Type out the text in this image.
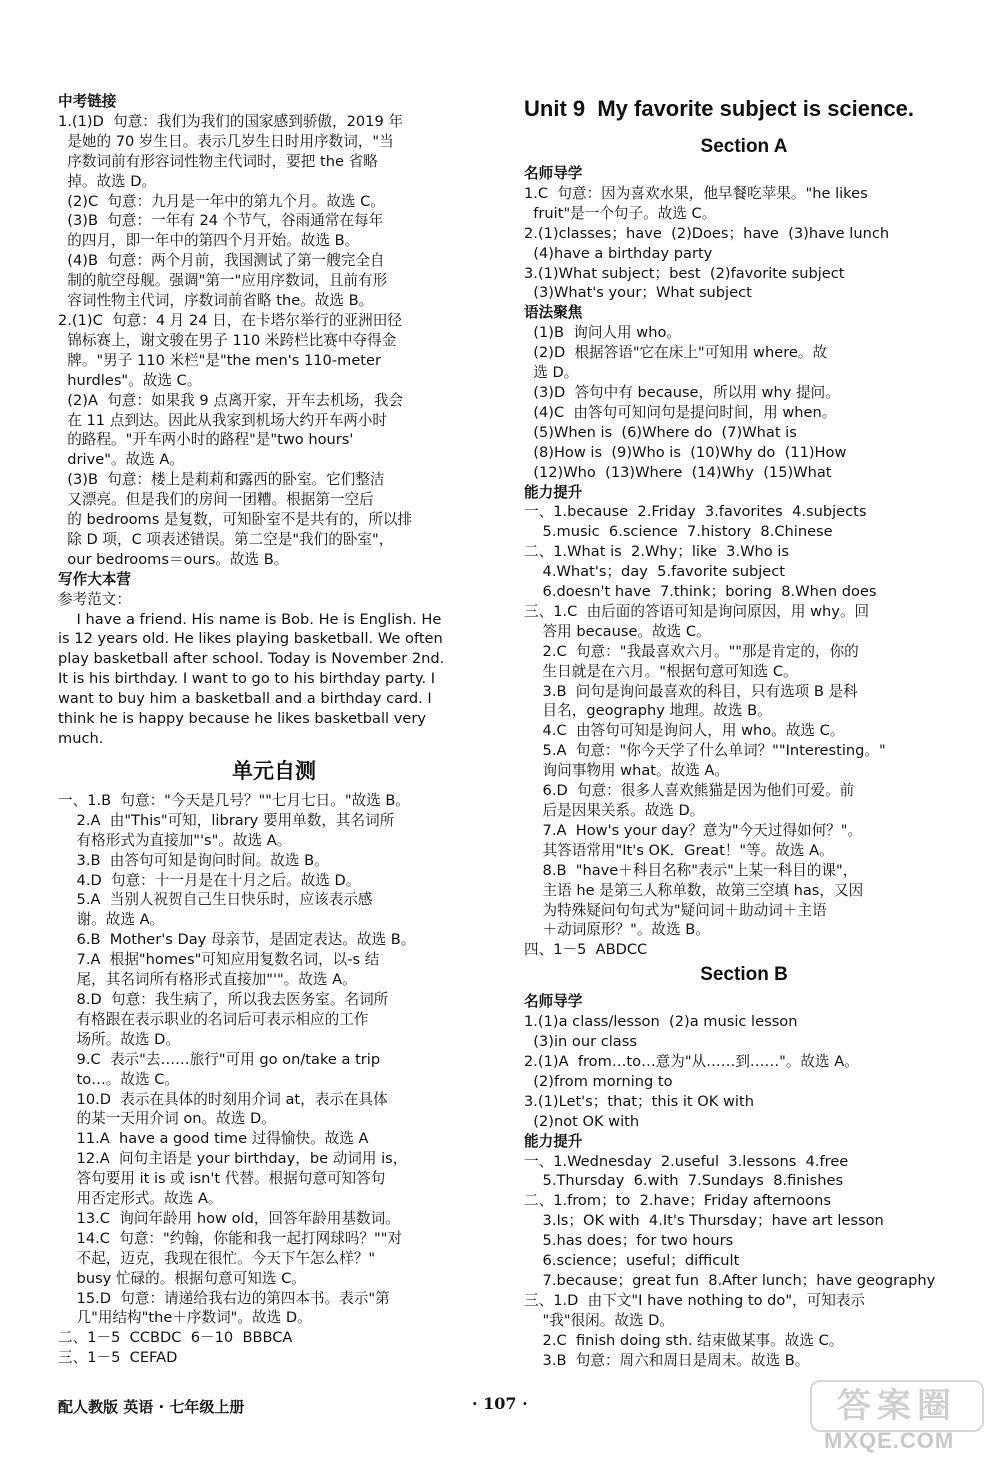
中考链接
1.(1)D  句意：我们为我们的国家感到骄傲，2019 年
是她的 70 岁生日。表示几岁生日时用序数词，"当
序数词前有形容词性物主代词时，要把 the 省略
掉。故选 D。
(2)C  句意：九月是一年中的第九个月。故选 C。
(3)B  句意：一年有 24 个节气，谷雨通常在每年
的四月，即一年中的第四个月开始。故选 B。
(4)B  句意：两个月前，我国测试了第一艘完全自
制的航空母舰。强调"第一"应用序数词，且前有形
容词性物主代词，序数词前省略 the。故选 B。
2.(1)C  句意：4 月 24 日，在卡塔尔举行的亚洲田径
锦标赛上，谢文骏在男子 110 米跨栏比赛中夺得金
牌。"男子 110 米栏"是"the men's 110-meter
hurdles"。故选 C。
(2)A  句意：如果我 9 点离开家，开车去机场，我会
在 11 点到达。因此从我家到机场大约开车两小时
的路程。"开车两小时的路程"是"two hours'
drive"。故选 A。
(3)B  句意：楼上是莉莉和露西的卧室。它们整洁
又漂亮。但是我们的房间一团糟。根据第一空后
的 bedrooms 是复数，可知卧室不是共有的，所以排
除 D 项，C 项表述错误。第二空是"我们的卧室"，
our bedrooms＝ours。故选 B。
写作大本营
参考范文：
I have a friend. His name is Bob. He is English. He
is 12 years old. He likes playing basketball. We often
play basketball after school. Today is November 2nd.
It is his birthday. I want to go to his birthday party. I
want to buy him a basketball and a birthday card. I
think he is happy because he likes basketball very
much.
单元自测
一、1.B  句意："今天是几号？""七月七日。"故选 B。
2.A  由"This"可知，library 要用单数，其名词所
有格形式为直接加"'s"。故选 A。
3.B  由答句可知是询问时间。故选 B。
4.D  句意：十一月是在十月之后。故选 D。
5.A  当别人祝贺自己生日快乐时，应该表示感
谢。故选 A。
6.B  Mother's Day 母亲节，是固定表达。故选 B。
7.A  根据"homes"可知应用复数名词，以-s 结
尾，其名词所有格形式直接加"'"。故选 A。
8.D  句意：我生病了，所以我去医务室。名词所
有格跟在表示职业的名词后可表示相应的工作
场所。故选 D。
9.C  表示"去……旅行"可用 go on/take a trip
to…。故选 C。
10.D  表示在具体的时刻用介词 at，表示在具体
的某一天用介词 on。故选 D。
11.A  have a good time 过得愉快。故选 A
12.A  问句主语是 your birthday，be 动词用 is，
答句要用 it is 或 isn't 代替。根据句意可知答句
用否定形式。故选 A。
13.C  询问年龄用 how old，回答年龄用基数词。
14.C  句意："约翰，你能和我一起打网球吗？""对
不起，迈克，我现在很忙。今天下午怎么样？"
busy 忙碌的。根据句意可知选 C。
15.D  句意：请递给我右边的第四本书。表示"第
几"用结构"the＋序数词"。故选 D。
二、1－5  CCBDC  6－10  BBBCA
三、1－5  CEFAD
Unit 9  My favorite subject is science.
Section A
名师导学
1.C  句意：因为喜欢水果，他早餐吃苹果。"he likes
fruit"是一个句子。故选 C。
2.(1)classes；have  (2)Does；have  (3)have lunch
(4)have a birthday party
3.(1)What subject；best  (2)favorite subject
(3)What's your；What subject
语法聚焦
(1)B  询问人用 who。
(2)D  根据答语"它在床上"可知用 where。故
选 D。
(3)D  答句中有 because，所以用 why 提问。
(4)C  由答句可知问句是提问时间，用 when。
(5)When is  (6)Where do  (7)What is
(8)How is  (9)Who is  (10)Why do  (11)How
(12)Who  (13)Where  (14)Why  (15)What
能力提升
一、1.because  2.Friday  3.favorites  4.subjects
5.music  6.science  7.history  8.Chinese
二、1.What is  2.Why；like  3.Who is
4.What's；day  5.favorite subject
6.doesn't have  7.think；boring  8.When does
三、1.C  由后面的答语可知是询问原因，用 why。回
答用 because。故选 C。
2.C  句意："我最喜欢六月。""那是肯定的，你的
生日就是在六月。"根据句意可知选 C。
3.B  问句是询问最喜欢的科目，只有选项 B 是科
目名，geography 地理。故选 B。
4.C  由答句可知是询问人，用 who。故选 C。
5.A  句意："你今天学了什么单词？""Interesting。"
询问事物用 what。故选 A。
6.D  句意：很多人喜欢熊猫是因为他们可爱。前
后是因果关系。故选 D。
7.A  How's your day？意为"今天过得如何？"。
其答语常用"It's OK．Great！"等。故选 A。
8.B  "have＋科目名称"表示"上某一科目的课"，
主语 he 是第三人称单数，故第三空填 has，又因
为特殊疑问句句式为"疑问词＋助动词＋主语
＋动词原形？"。故选 B。
四、1－5  ABDCC
Section B
名师导学
1.(1)a class/lesson  (2)a music lesson
(3)in our class
2.(1)A  from…to…意为"从……到……"。故选 A。
(2)from morning to
3.(1)Let's；that；this it OK with
(2)not OK with
能力提升
一、1.Wednesday  2.useful  3.lessons  4.free
5.Thursday  6.with  7.Sundays  8.finishes
二、1.from；to  2.have；Friday afternoons
3.Is；OK with  4.It's Thursday；have art lesson
5.has does；for two hours
6.science；useful；difficult
7.because；great fun  8.After lunch；have geography
三、1.D  由下文"I have nothing to do"，可知表示
"我"很闲。故选 D。
2.C  finish doing sth. 结束做某事。故选 C。
3.B  句意：周六和周日是周末。故选 B。
配人教版 英语 · 七年级上册	· 107 ·	答案圈
MXQE.COM
